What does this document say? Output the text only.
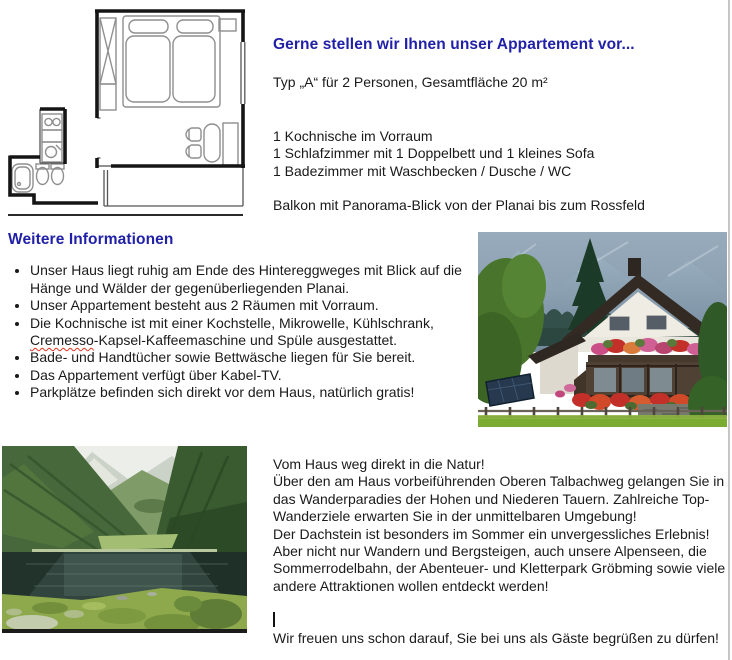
Gerne stellen wir Ihnen unser Appartement vor...

Typ „A“ für 2 Personen, Gesamtfläche 20 m²

1 Kochnische im Vorraum

1 Schlafzimmer mit 1 Doppelbett und 1 kleines Sofa

1 Badezimmer mit Waschbecken / Dusche / WC

Balkon mit Panorama-Blick von der Planai bis zum Rossfeld

Weitere Informationen

• Unser Haus liegt ruhig am Ende des Hintereggweges mit Blick auf die Hänge und Wälder der gegenüberliegenden Planai.
• Unser Appartement besteht aus 2 Räumen mit Vorraum.
• Die Kochnische ist mit einer Kochstelle, Mikrowelle, Kühlschrank, Cremesso-Kapsel-Kaffeemaschine und Spüle ausgestattet.
• Bade- und Handtücher sowie Bettwäsche liegen für Sie bereit.
• Das Appartement verfügt über Kabel-TV.
• Parkplätze befinden sich direkt vor dem Haus, natürlich gratis!

Vom Haus weg direkt in die Natur!

Über den am Haus vorbeiführenden Oberen Talbachweg gelangen Sie in das Wanderparadies der Hohen und Niederen Tauern. Zahlreiche Top-Wanderziele erwarten Sie in der unmittelbaren Umgebung!

Der Dachstein ist besonders im Sommer ein unvergessliches Erlebnis!

Aber nicht nur Wandern und Bergsteigen, auch unsere Alpenseen, die Sommerrodelbahn, der Abenteuer- und Kletterpark Gröbming sowie viele andere Attraktionen wollen entdeckt werden!

Wir freuen uns schon darauf, Sie bei uns als Gäste begrüßen zu dürfen!
